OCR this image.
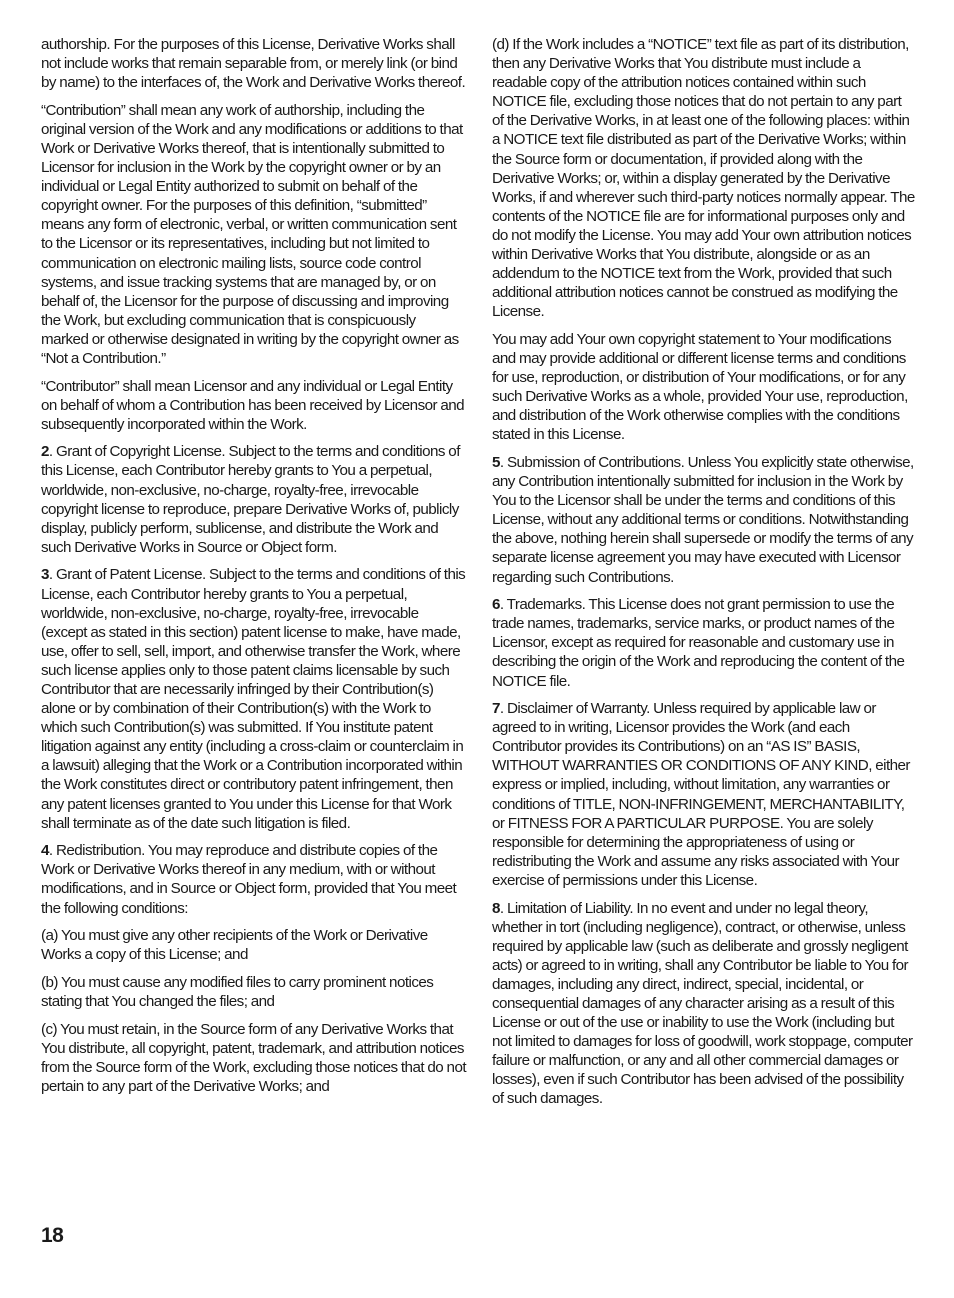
authorship. For the purposes of this License, Derivative Works shall not include works that remain separable from, or merely link (or bind by name) to the interfaces of, the Work and Derivative Works thereof.

“Contribution” shall mean any work of authorship, including the original version of the Work and any modifications or additions to that Work or Derivative Works thereof, that is intentionally submitted to Licensor for inclusion in the Work by the copyright owner or by an individual or Legal Entity authorized to submit on behalf of the copyright owner. For the purposes of this definition, “submitted” means any form of electronic, verbal, or written communication sent to the Licensor or its representatives, including but not limited to communication on electronic mailing lists, source code control systems, and issue tracking systems that are managed by, or on behalf of, the Licensor for the purpose of discussing and improving the Work, but excluding communication that is conspicuously marked or otherwise designated in writing by the copyright owner as “Not a Contribution.”

“Contributor” shall mean Licensor and any individual or Legal Entity on behalf of whom a Contribution has been received by Licensor and subsequently incorporated within the Work.

2. Grant of Copyright License. Subject to the terms and conditions of this License, each Contributor hereby grants to You a perpetual, worldwide, non-exclusive, no-charge, royalty-free, irrevocable copyright license to reproduce, prepare Derivative Works of, publicly display, publicly perform, sublicense, and distribute the Work and such Derivative Works in Source or Object form.

3. Grant of Patent License. Subject to the terms and conditions of this License, each Contributor hereby grants to You a perpetual, worldwide, non-exclusive, no-charge, royalty-free, irrevocable (except as stated in this section) patent license to make, have made, use, offer to sell, sell, import, and otherwise transfer the Work, where such license applies only to those patent claims licensable by such Contributor that are necessarily infringed by their Contribution(s) alone or by combination of their Contribution(s) with the Work to which such Contribution(s) was submitted. If You institute patent litigation against any entity (including a cross-claim or counterclaim in a lawsuit) alleging that the Work or a Contribution incorporated within the Work constitutes direct or contributory patent infringement, then any patent licenses granted to You under this License for that Work shall terminate as of the date such litigation is filed.

4. Redistribution. You may reproduce and distribute copies of the Work or Derivative Works thereof in any medium, with or without modifications, and in Source or Object form, provided that You meet the following conditions:

(a) You must give any other recipients of the Work or Derivative Works a copy of this License; and

(b) You must cause any modified files to carry prominent notices stating that You changed the files; and

(c) You must retain, in the Source form of any Derivative Works that You distribute, all copyright, patent, trademark, and attribution notices from the Source form of the Work, excluding those notices that do not pertain to any part of the Derivative Works; and

(d) If the Work includes a “NOTICE” text file as part of its distribution, then any Derivative Works that You distribute must include a readable copy of the attribution notices contained within such NOTICE file, excluding those notices that do not pertain to any part of the Derivative Works, in at least one of the following places: within a NOTICE text file distributed as part of the Derivative Works; within the Source form or documentation, if provided along with the Derivative Works; or, within a display generated by the Derivative Works, if and wherever such third-party notices normally appear. The contents of the NOTICE file are for informational purposes only and do not modify the License. You may add Your own attribution notices within Derivative Works that You distribute, alongside or as an addendum to the NOTICE text from the Work, provided that such additional attribution notices cannot be construed as modifying the License.

You may add Your own copyright statement to Your modifications and may provide additional or different license terms and conditions for use, reproduction, or distribution of Your modifications, or for any such Derivative Works as a whole, provided Your use, reproduction, and distribution of the Work otherwise complies with the conditions stated in this License.

5. Submission of Contributions. Unless You explicitly state otherwise, any Contribution intentionally submitted for inclusion in the Work by You to the Licensor shall be under the terms and conditions of this License, without any additional terms or conditions. Notwithstanding the above, nothing herein shall supersede or modify the terms of any separate license agreement you may have executed with Licensor regarding such Contributions.

6. Trademarks. This License does not grant permission to use the trade names, trademarks, service marks, or product names of the Licensor, except as required for reasonable and customary use in describing the origin of the Work and reproducing the content of the NOTICE file.

7. Disclaimer of Warranty. Unless required by applicable law or agreed to in writing, Licensor provides the Work (and each Contributor provides its Contributions) on an “AS IS” BASIS, WITHOUT WARRANTIES OR CONDITIONS OF ANY KIND, either express or implied, including, without limitation, any warranties or conditions of TITLE, NON-INFRINGEMENT, MERCHANTABILITY, or FITNESS FOR A PARTICULAR PURPOSE. You are solely responsible for determining the appropriateness of using or redistributing the Work and assume any risks associated with Your exercise of permissions under this License.

8. Limitation of Liability. In no event and under no legal theory, whether in tort (including negligence), contract, or otherwise, unless required by applicable law (such as deliberate and grossly negligent acts) or agreed to in writing, shall any Contributor be liable to You for damages, including any direct, indirect, special, incidental, or consequential damages of any character arising as a result of this License or out of the use or inability to use the Work (including but not limited to damages for loss of goodwill, work stoppage, computer failure or malfunction, or any and all other commercial damages or losses), even if such Contributor has been advised of the possibility of such damages.

18
